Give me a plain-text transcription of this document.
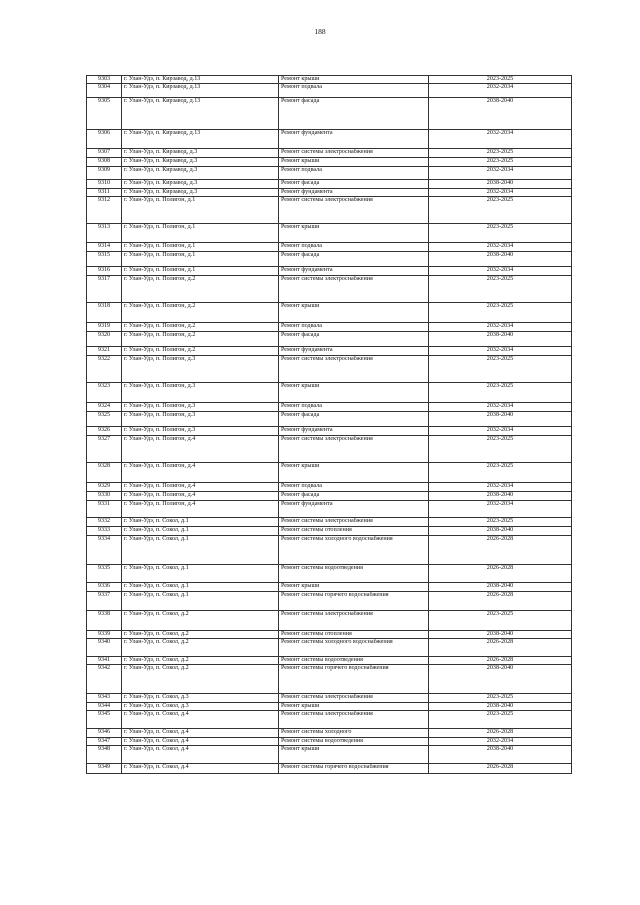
188
9303	г. Улан-Удэ, п. Кирзавод, д.13	Ремонт крыши	2023-2025
9304	г. Улан-Удэ, п. Кирзавод, д.13	Ремонт подвала	2032-2034
9305	г. Улан-Удэ, п. Кирзавод, д.13	Ремонт фасада	2038-2040
9306	г. Улан-Удэ, п. Кирзавод, д.13	Ремонт фундамента	2032-2034
9307	г. Улан-Удэ, п. Кирзавод, д.3	Ремонт системы электроснабжения	2023-2025
9308	г. Улан-Удэ, п. Кирзавод, д.3	Ремонт крыши	2023-2025
9309	г. Улан-Удэ, п. Кирзавод, д.3	Ремонт подвала	2032-2034
9310	г. Улан-Удэ, п. Кирзавод, д.3	Ремонт фасада	2038-2040
9311	г. Улан-Удэ, п. Кирзавод, д.3	Ремонт фундамента	2032-2034
9312	г. Улан-Удэ, п. Полигон, д.1	Ремонт системы электроснабжения	2023-2025
9313	г. Улан-Удэ, п. Полигон, д.1	Ремонт крыши	2023-2025
9314	г. Улан-Удэ, п. Полигон, д.1	Ремонт подвала	2032-2034
9315	г. Улан-Удэ, п. Полигон, д.1	Ремонт фасада	2038-2040
9316	г. Улан-Удэ, п. Полигон, д.1	Ремонт фундамента	2032-2034
9317	г. Улан-Удэ, п. Полигон, д.2	Ремонт системы электроснабжения	2023-2025
9318	г. Улан-Удэ, п. Полигон, д.2	Ремонт крыши	2023-2025
9319	г. Улан-Удэ, п. Полигон, д.2	Ремонт подвала	2032-2034
9320	г. Улан-Удэ, п. Полигон, д.2	Ремонт фасада	2038-2040
9321	г. Улан-Удэ, п. Полигон, д.2	Ремонт фундамента	2032-2034
9322	г. Улан-Удэ, п. Полигон, д.3	Ремонт системы электроснабжения	2023-2025
9323	г. Улан-Удэ, п. Полигон, д.3	Ремонт крыши	2023-2025
9324	г. Улан-Удэ, п. Полигон, д.3	Ремонт подвала	2032-2034
9325	г. Улан-Удэ, п. Полигон, д.3	Ремонт фасада	2038-2040
9326	г. Улан-Удэ, п. Полигон, д.3	Ремонт фундамента	2032-2034
9327	г. Улан-Удэ, п. Полигон, д.4	Ремонт системы электроснабжения	2023-2025
9328	г. Улан-Удэ, п. Полигон, д.4	Ремонт крыши	2023-2025
9329	г. Улан-Удэ, п. Полигон, д.4	Ремонт подвала	2032-2034
9330	г. Улан-Удэ, п. Полигон, д.4	Ремонт фасада	2038-2040
9331	г. Улан-Удэ, п. Полигон, д.4	Ремонт фундамента	2032-2034
9332	г. Улан-Удэ, п. Сокол, д.1	Ремонт системы электроснабжения	2023-2025
9333	г. Улан-Удэ, п. Сокол, д.1	Ремонт системы отопления	2038-2040
9334	г. Улан-Удэ, п. Сокол, д.1	Ремонт системы холодного водоснабжения	2026-2028
9335	г. Улан-Удэ, п. Сокол, д.1	Ремонт системы водоотведения	2026-2028
9336	г. Улан-Удэ, п. Сокол, д.1	Ремонт крыши	2038-2040
9337	г. Улан-Удэ, п. Сокол, д.1	Ремонт системы горячего водоснабжения	2026-2028
9338	г. Улан-Удэ, п. Сокол, д.2	Ремонт системы электроснабжения	2023-2025
9339	г. Улан-Удэ, п. Сокол, д.2	Ремонт системы отопления	2038-2040
9340	г. Улан-Удэ, п. Сокол, д.2	Ремонт системы холодного водоснабжения	2026-2028
9341	г. Улан-Удэ, п. Сокол, д.2	Ремонт системы водоотведения	2026-2028
9342	г. Улан-Удэ, п. Сокол, д.2	Ремонт системы горячего водоснабжения	2038-2040
9343	г. Улан-Удэ, п. Сокол, д.3	Ремонт системы электроснабжения	2023-2025
9344	г. Улан-Удэ, п. Сокол, д.3	Ремонт крыши	2038-2040
9345	г. Улан-Удэ, п. Сокол, д.4	Ремонт системы электроснабжения	2023-2025
9346	г. Улан-Удэ, п. Сокол, д.4	Ремонт системы холодного	2026-2028
9347	г. Улан-Удэ, п. Сокол, д.4	Ремонт системы водоотведения	2032-2034
9348	г. Улан-Удэ, п. Сокол, д.4	Ремонт крыши	2038-2040
9349	г. Улан-Удэ, п. Сокол, д.4	Ремонт системы горячего водоснабжения	2026-2028
